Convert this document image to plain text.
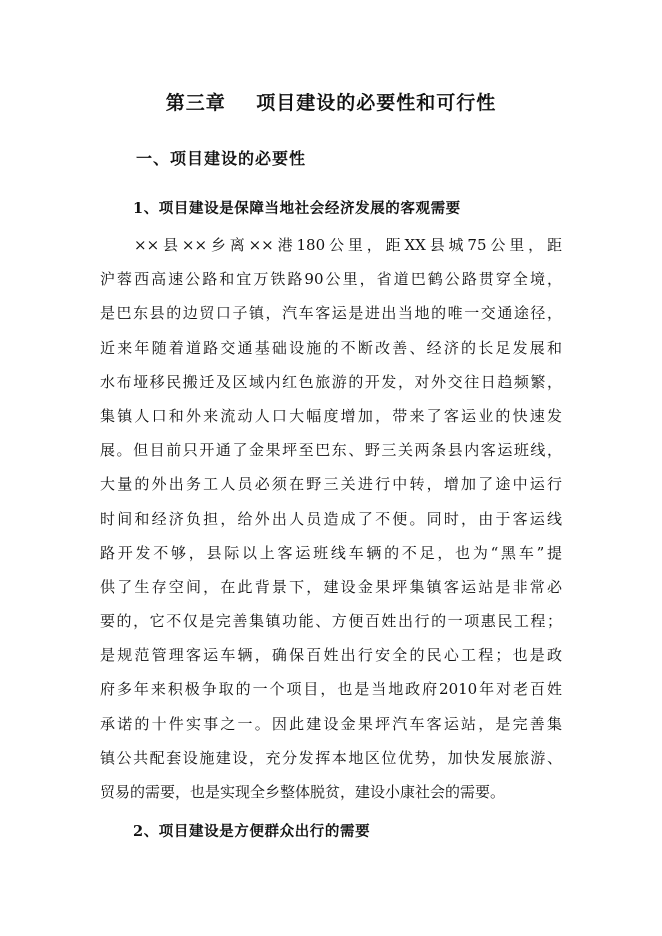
第三章    项目建设的必要性和可行性
一、项目建设的必要性
1、项目建设是保障当地社会经济发展的客观需要
××县××乡离××港180公里，距XX县城75公里，距
沪蓉西高速公路和宜万铁路90公里，省道巴鹤公路贯穿全境，
是巴东县的边贸口子镇，汽车客运是进出当地的唯一交通途径，
近来年随着道路交通基础设施的不断改善、经济的长足发展和
水布垭移民搬迁及区域内红色旅游的开发，对外交往日趋频繁，
集镇人口和外来流动人口大幅度增加，带来了客运业的快速发
展。但目前只开通了金果坪至巴东、野三关两条县内客运班线，
大量的外出务工人员必须在野三关进行中转，增加了途中运行
时间和经济负担，给外出人员造成了不便。同时，由于客运线
路开发不够，县际以上客运班线车辆的不足，也为“黑车”提
供了生存空间，在此背景下，建设金果坪集镇客运站是非常必
要的，它不仅是完善集镇功能、方便百姓出行的一项惠民工程；
是规范管理客运车辆，确保百姓出行安全的民心工程；也是政
府多年来积极争取的一个项目，也是当地政府2010年对老百姓
承诺的十件实事之一。因此建设金果坪汽车客运站，是完善集
镇公共配套设施建设，充分发挥本地区位优势，加快发展旅游、
贸易的需要，也是实现全乡整体脱贫，建设小康社会的需要。
2、项目建设是方便群众出行的需要
